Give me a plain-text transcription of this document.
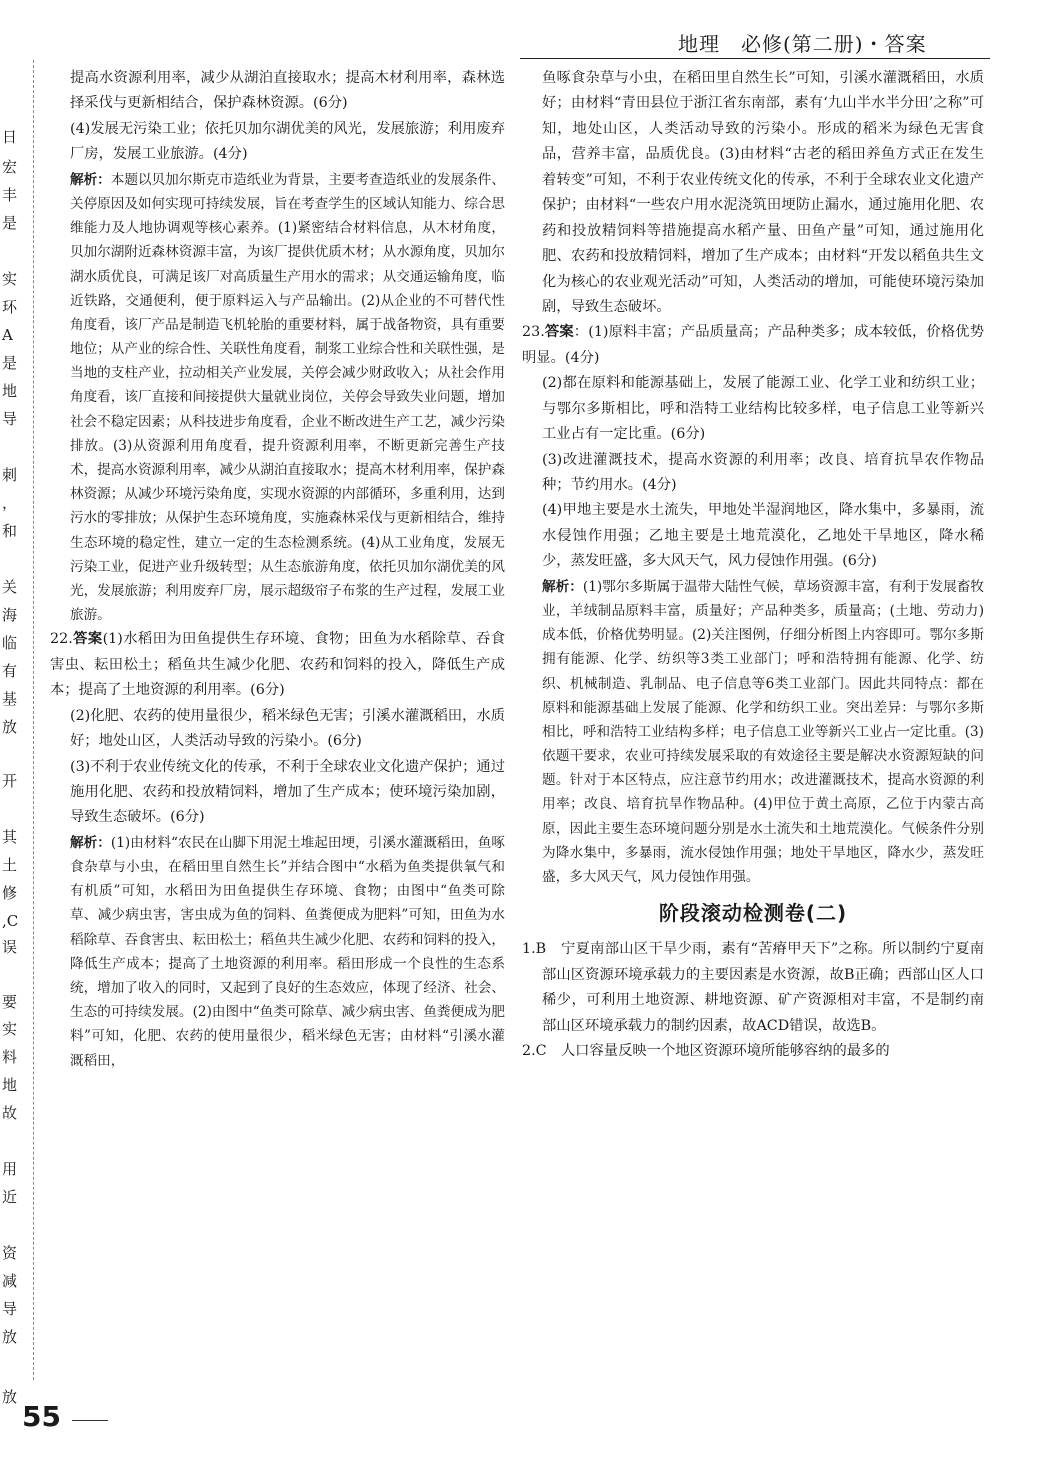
地理　必修(第二册)・答案
日
宏
丰
是
实
环
A
是
地
导
刺
，
和
关
海
临
有
基
放
开
其
土
修
,C
误
要
实
料
地
故
用
近
资
减
导
放
放

提高水资源利用率，减少从湖泊直接取水；提高木材利用率，森林选择采伐与更新相结合，保护森林资源。(6分)

(4)发展无污染工业；依托贝加尔湖优美的风光，发展旅游；利用废弃厂房，发展工业旅游。(4分)

解析：本题以贝加尔斯克市造纸业为背景，主要考查造纸业的发展条件、关停原因及如何实现可持续发展，旨在考查学生的区域认知能力、综合思维能力及人地协调观等核心素养。(1)紧密结合材料信息，从木材角度，贝加尔湖附近森林资源丰富，为该厂提供优质木材；从水源角度，贝加尔湖水质优良，可满足该厂对高质量生产用水的需求；从交通运输角度，临近铁路，交通便利，便于原料运入与产品输出。(2)从企业的不可替代性角度看，该厂产品是制造飞机轮胎的重要材料，属于战备物资，具有重要地位；从产业的综合性、关联性角度看，制浆工业综合性和关联性强，是当地的支柱产业，拉动相关产业发展，关停会减少财政收入；从社会作用角度看，该厂直接和间接提供大量就业岗位，关停会导致失业问题，增加社会不稳定因素；从科技进步角度看，企业不断改进生产工艺，减少污染排放。(3)从资源利用角度看，提升资源利用率，不断更新完善生产技术，提高水资源利用率，减少从湖泊直接取水；提高木材利用率，保护森林资源；从减少环境污染角度，实现水资源的内部循环，多重利用，达到污水的零排放；从保护生态环境角度，实施森林采伐与更新相结合，维持生态环境的稳定性，建立一定的生态检测系统。(4)从工业角度，发展无污染工业，促进产业升级转型；从生态旅游角度，依托贝加尔湖优美的风光，发展旅游；利用废弃厂房，展示超级帘子布浆的生产过程，发展工业旅游。

22.答案(1)水稻田为田鱼提供生存环境、食物；田鱼为水稻除草、吞食害虫、耘田松土；稻鱼共生减少化肥、农药和饲料的投入，降低生产成本；提高了土地资源的利用率。(6分)

(2)化肥、农药的使用量很少，稻米绿色无害；引溪水灌溉稻田，水质好；地处山区，人类活动导致的污染小。(6分)

(3)不利于农业传统文化的传承，不利于全球农业文化遗产保护；通过施用化肥、农药和投放精饲料，增加了生产成本；使环境污染加剧，导致生态破坏。(6分)

解析：(1)由材料“农民在山脚下用泥土堆起田埂，引溪水灌溉稻田，鱼啄食杂草与小虫，在稻田里自然生长”并结合图中“水稻为鱼类提供氧气和有机质”可知，水稻田为田鱼提供生存环境、食物；由图中“鱼类可除草、减少病虫害，害虫成为鱼的饲料、鱼粪便成为肥料”可知，田鱼为水稻除草、吞食害虫、耘田松土；稻鱼共生减少化肥、农药和饲料的投入，降低生产成本；提高了土地资源的利用率。稻田形成一个良性的生态系统，增加了收入的同时，又起到了良好的生态效应，体现了经济、社会、生态的可持续发展。(2)由图中“鱼类可除草、减少病虫害、鱼粪便成为肥料”可知，化肥、农药的使用量很少，稻米绿色无害；由材料“引溪水灌溉稻田，

鱼啄食杂草与小虫，在稻田里自然生长”可知，引溪水灌溉稻田，水质好；由材料“青田县位于浙江省东南部，素有‘九山半水半分田’之称”可知，地处山区，人类活动导致的污染小。形成的稻米为绿色无害食品，营养丰富，品质优良。(3)由材料“古老的稻田养鱼方式正在发生着转变”可知，不利于农业传统文化的传承，不利于全球农业文化遗产保护；由材料“一些农户用水泥浇筑田埂防止漏水，通过施用化肥、农药和投放精饲料等措施提高水稻产量、田鱼产量”可知，通过施用化肥、农药和投放精饲料，增加了生产成本；由材料“开发以稻鱼共生文化为核心的农业观光活动”可知，人类活动的增加，可能使环境污染加剧，导致生态破坏。

23.答案：(1)原料丰富；产品质量高；产品种类多；成本较低，价格优势明显。(4分)

(2)都在原料和能源基础上，发展了能源工业、化学工业和纺织工业；与鄂尔多斯相比，呼和浩特工业结构比较多样，电子信息工业等新兴工业占有一定比重。(6分)

(3)改进灌溉技术，提高水资源的利用率；改良、培育抗旱农作物品种；节约用水。(4分)

(4)甲地主要是水土流失，甲地处半湿润地区，降水集中，多暴雨，流水侵蚀作用强；乙地主要是土地荒漠化，乙地处干旱地区，降水稀少，蒸发旺盛，多大风天气，风力侵蚀作用强。(6分)

解析：(1)鄂尔多斯属于温带大陆性气候，草场资源丰富，有利于发展畜牧业，羊绒制品原料丰富，质量好；产品种类多，质量高；(土地、劳动力)成本低，价格优势明显。(2)关注图例，仔细分析图上内容即可。鄂尔多斯拥有能源、化学、纺织等3类工业部门；呼和浩特拥有能源、化学、纺织、机械制造、乳制品、电子信息等6类工业部门。因此共同特点：都在原料和能源基础上发展了能源、化学和纺织工业。突出差异：与鄂尔多斯相比，呼和浩特工业结构多样；电子信息工业等新兴工业占一定比重。(3)依题干要求，农业可持续发展采取的有效途径主要是解决水资源短缺的问题。针对于本区特点，应注意节约用水；改进灌溉技术，提高水资源的利用率；改良、培育抗旱作物品种。(4)甲位于黄土高原，乙位于内蒙古高原，因此主要生态环境问题分别是水土流失和土地荒漠化。气候条件分别为降水集中，多暴雨，流水侵蚀作用强；地处干旱地区，降水少，蒸发旺盛，多大风天气，风力侵蚀作用强。

阶段滚动检测卷(二)

1.B　宁夏南部山区干旱少雨，素有“苦瘠甲天下”之称。所以制约宁夏南部山区资源环境承载力的主要因素是水资源，故B正确；西部山区人口稀少，可利用土地资源、耕地资源、矿产资源相对丰富，不是制约南部山区环境承载力的制约因素，故ACD错误，故选B。

2.C　人口容量反映一个地区资源环境所能够容纳的最多的

55
